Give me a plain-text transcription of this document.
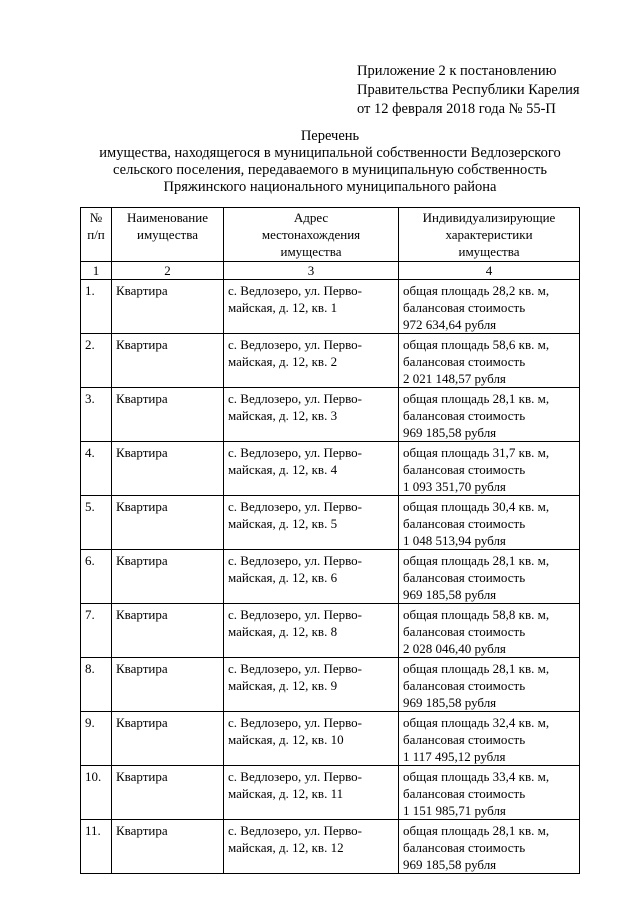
Приложение 2 к постановлению
Правительства Республики Карелия
от 12 февраля 2018 года № 55-П
Перечень
имущества, находящегося в муниципальной собственности Ведлозерского
сельского поселения, передаваемого в муниципальную собственность
Пряжинского национального муниципального района
№
п/п	Наименование
имущества	Адрес
местонахождения
имущества	Индивидуализирующие
характеристики
имущества

1	2	3	4
1.	Квартира	с. Ведлозеро, ул. Перво-
майская, д. 12, кв. 1	общая площадь 28,2 кв. м,
балансовая стоимость
972 634,64 рубля

2.	Квартира	с. Ведлозеро, ул. Перво-
майская, д. 12, кв. 2	общая площадь 58,6 кв. м,
балансовая стоимость
2 021 148,57 рубля

3.	Квартира	с. Ведлозеро, ул. Перво-
майская, д. 12, кв. 3	общая площадь 28,1 кв. м,
балансовая стоимость
969 185,58 рубля

4.	Квартира	с. Ведлозеро, ул. Перво-
майская, д. 12, кв. 4	общая площадь 31,7 кв. м,
балансовая стоимость
1 093 351,70 рубля

5.	Квартира	с. Ведлозеро, ул. Перво-
майская, д. 12, кв. 5	общая площадь 30,4 кв. м,
балансовая стоимость
1 048 513,94 рубля

6.	Квартира	с. Ведлозеро, ул. Перво-
майская, д. 12, кв. 6	общая площадь 28,1 кв. м,
балансовая стоимость
969 185,58 рубля

7.	Квартира	с. Ведлозеро, ул. Перво-
майская, д. 12, кв. 8	общая площадь 58,8 кв. м,
балансовая стоимость
2 028 046,40 рубля

8.	Квартира	с. Ведлозеро, ул. Перво-
майская, д. 12, кв. 9	общая площадь 28,1 кв. м,
балансовая стоимость
969 185,58 рубля

9.	Квартира	с. Ведлозеро, ул. Перво-
майская, д. 12, кв. 10	общая площадь 32,4 кв. м,
балансовая стоимость
1 117 495,12 рубля

10.	Квартира	с. Ведлозеро, ул. Перво-
майская, д. 12, кв. 11	общая площадь 33,4 кв. м,
балансовая стоимость
1 151 985,71 рубля

11.	Квартира	с. Ведлозеро, ул. Перво-
майская, д. 12, кв. 12	общая площадь 28,1 кв. м,
балансовая стоимость
969 185,58 рубля
